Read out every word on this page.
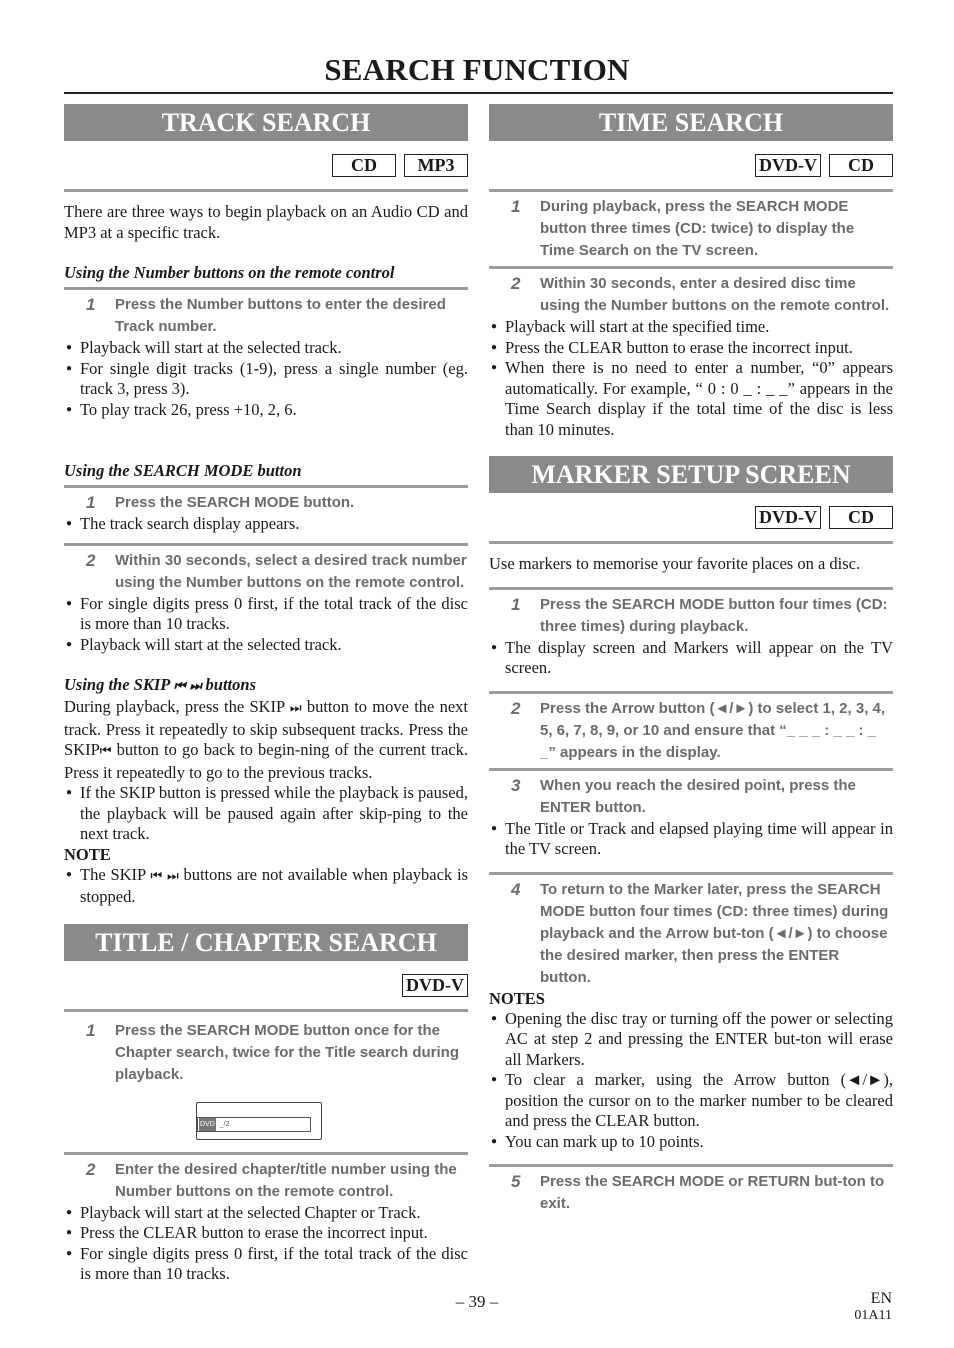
SEARCH FUNCTION
TRACK SEARCH
CD	MP3

There are three ways to begin playback on an Audio CD and MP3 at a specific track.

Using the Number buttons on the remote control
1	Press the Number buttons to enter the desired Track number.
● Playback will start at the selected track.
● For single digit tracks (1-9), press a single number (eg. track 3, press 3).
● To play track 26, press +10, 2, 6.
Using the SEARCH MODE button
1	Press the SEARCH MODE button.
● The track search display appears.
2	Within 30 seconds, select a desired track number using the Number buttons on the remote control.
● For single digits press 0 first, if the total track of the disc is more than 10 tracks.
● Playback will start at the selected track.
Using the SKIP ⏮ ⏭ buttons

During playback, press the SKIP ⏭ button to move the next track. Press it repeatedly to skip subsequent tracks. Press the SKIP⏮ button to go back to begin-ning of the current track. Press it repeatedly to go to the previous tracks.

● If the SKIP button is pressed while the playback is paused, the playback will be paused again after skip-ping to the next track.
NOTE
● The SKIP ⏮ ⏭ buttons are not available when playback is stopped.
TITLE / CHAPTER SEARCH
DVD-V
1	Press the SEARCH MODE button once for the Chapter search, twice for the Title search during playback.
DVD _/2
2	Enter the desired chapter/title number using the Number buttons on the remote control.
● Playback will start at the selected Chapter or Track.
● Press the CLEAR button to erase the incorrect input.
● For single digits press 0 first, if the total track of the disc is more than 10 tracks.
TIME SEARCH
DVD-V	CD
1	During playback, press the SEARCH MODE button three times (CD: twice) to display the Time Search on the TV screen.
2	Within 30 seconds, enter a desired disc time using the Number buttons on the remote control.
● Playback will start at the specified time.
● Press the CLEAR button to erase the incorrect input.
● When there is no need to enter a number, “0” appears automatically. For example, “ 0 : 0 _ : _ _” appears in the Time Search display if the total time of the disc is less than 10 minutes.
MARKER SETUP SCREEN
DVD-V	CD

Use markers to memorise your favorite places on a disc.

1	Press the SEARCH MODE button four times (CD: three times) during playback.
● The display screen and Markers will appear on the TV screen.
2	Press the Arrow button (◄/►) to select 1, 2, 3, 4, 5, 6, 7, 8, 9, or 10 and ensure that “_ _ _ : _ _ : _ _” appears in the display.
3	When you reach the desired point, press the ENTER button.
● The Title or Track and elapsed playing time will appear in the TV screen.
4	To return to the Marker later, press the SEARCH MODE button four times (CD: three times) during playback and the Arrow but-ton (◄/►) to choose the desired marker, then press the ENTER button.
NOTES
● Opening the disc tray or turning off the power or selecting AC at step 2 and pressing the ENTER but-ton will erase all Markers.
● To clear a marker, using the Arrow button (◄/►), position the cursor on to the marker number to be cleared and press the CLEAR button.
● You can mark up to 10 points.
5	Press the SEARCH MODE or RETURN but-ton to exit.
– 39 –	EN
01A11
